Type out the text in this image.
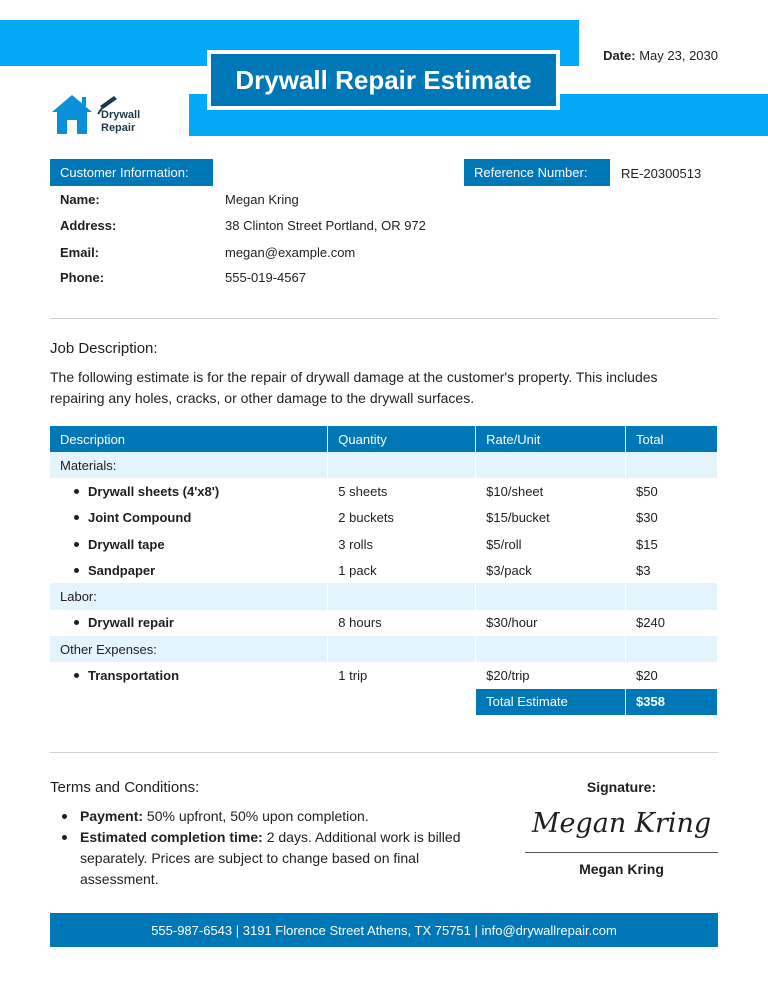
Drywall Repair Estimate
Date: May 23, 2030
Drywall Repair
Customer Information:	Reference Number:	RE-20300513
Name:	Megan Kring
Address:	38 Clinton Street Portland, OR 972
Email:	megan@example.com
Phone:	555-019-4567
Job Description:
The following estimate is for the repair of drywall damage at the customer's property. This includes repairing any holes, cracks, or other damage to the drywall surfaces.
Description	Quantity	Rate/Unit	Total
Materials:			
Drywall sheets (4'x8')	5 sheets	$10/sheet	$50
Joint Compound	2 buckets	$15/bucket	$30
Drywall tape	3 rolls	$5/roll	$15
Sandpaper	1 pack	$3/pack	$3
Labor:			
Drywall repair	8 hours	$30/hour	$240
Other Expenses:			
Transportation	1 trip	$20/trip	$20
		Total Estimate	$358
Terms and Conditions:
Payment: 50% upfront, 50% upon completion.
Estimated completion time: 2 days. Additional work is billed separately. Prices are subject to change based on final assessment.
Signature:
Megan Kring
Megan Kring
555-987-6543 | 3191 Florence Street Athens, TX 75751 | info@drywallrepair.com
